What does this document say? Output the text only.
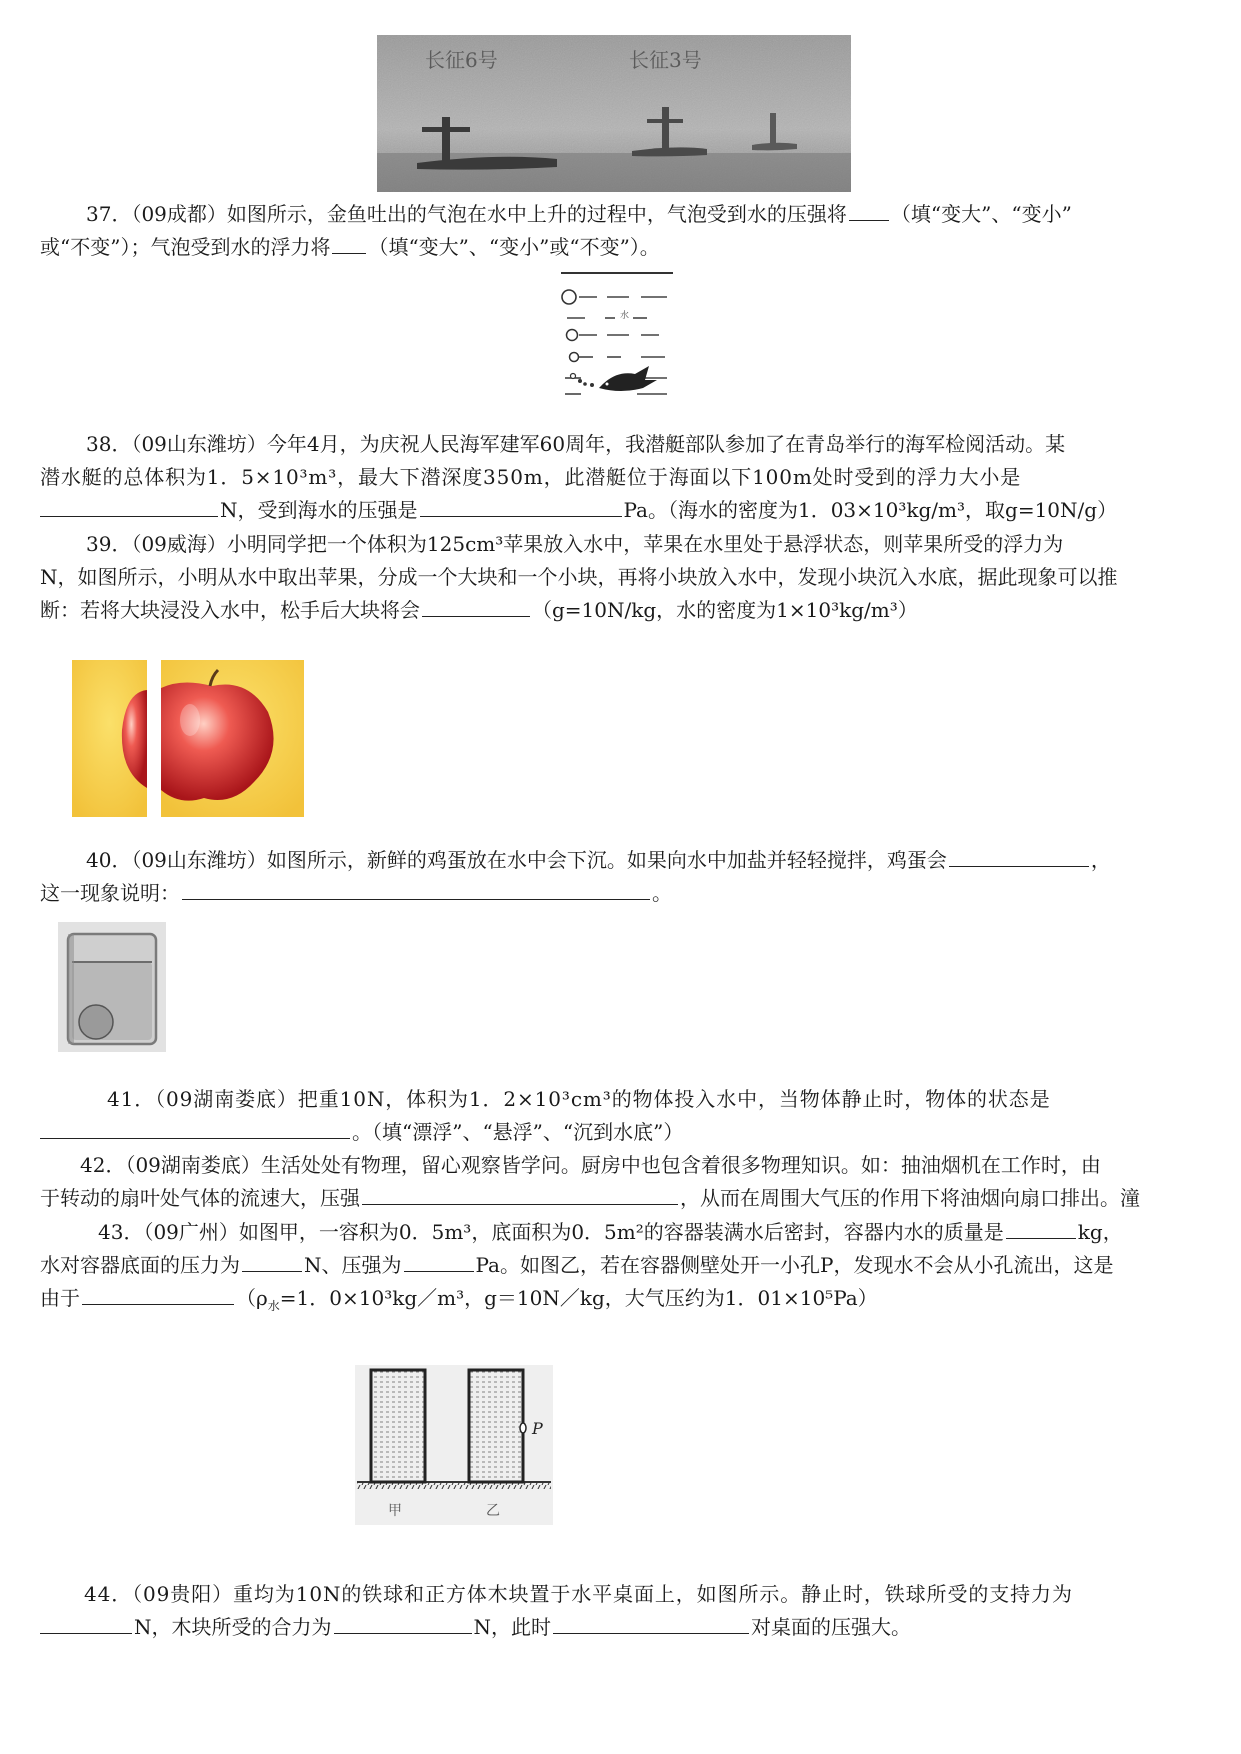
长征6号	长征3号
37．（09成都）如图所示，金鱼吐出的气泡在水中上升的过程中，气泡受到水的压强将 （填“变大”、“变小”
或“不变”）；气泡受到水的浮力将 （填“变大”、“变小”或“不变”）。
水
38．（09山东潍坊）今年4月，为庆祝人民海军建军60周年，我潜艇部队参加了在青岛举行的海军检阅活动。某
潜水艇的总体积为1．5×10³m³，最大下潜深度350m，此潜艇位于海面以下100m处时受到的浮力大小是
N，受到海水的压强是	Pa。（海水的密度为1．03×10³kg/m³，取g=10N/g）
39．（09威海）小明同学把一个体积为125cm³苹果放入水中，苹果在水里处于悬浮状态，则苹果所受的浮力为
N，如图所示，小明从水中取出苹果，分成一个大块和一个小块，再将小块放入水中，发现小块沉入水底，据此现象可以推
断：若将大块浸没入水中，松手后大块将会	（g=10N/kg，水的密度为1×10³kg/m³）
40．（09山东潍坊）如图所示，新鲜的鸡蛋放在水中会下沉。如果向水中加盐并轻轻搅拌，鸡蛋会	，
这一现象说明：	。
41．（09湖南娄底）把重10N，体积为1．2×10³cm³的物体投入水中，当物体静止时，物体的状态是
。（填“漂浮”、“悬浮”、“沉到水底”）
42．（09湖南娄底）生活处处有物理，留心观察皆学问。厨房中也包含着很多物理知识。如：抽油烟机在工作时，由
于转动的扇叶处气体的流速大，压强	，从而在周围大气压的作用下将油烟向扇口排出。潼
43．（09广州）如图甲，一容积为0．5m³，底面积为0．5m²的容器装满水后密封，容器内水的质量是	kg，
水对容器底面的压力为	N、压强为	Pa。如图乙，若在容器侧壁处开一小孔P，发现水不会从小孔流出，这是
由于	（$\rho_水=1$．0×10³kg／m³，g＝10N／kg，大气压约为1．01×10⁵Pa）
P
甲	乙
44．（09贵阳）重均为10N的铁球和正方体木块置于水平桌面上，如图所示。静止时，铁球所受的支持力为
N，木块所受的合力为	N，此时	对桌面的压强大。
